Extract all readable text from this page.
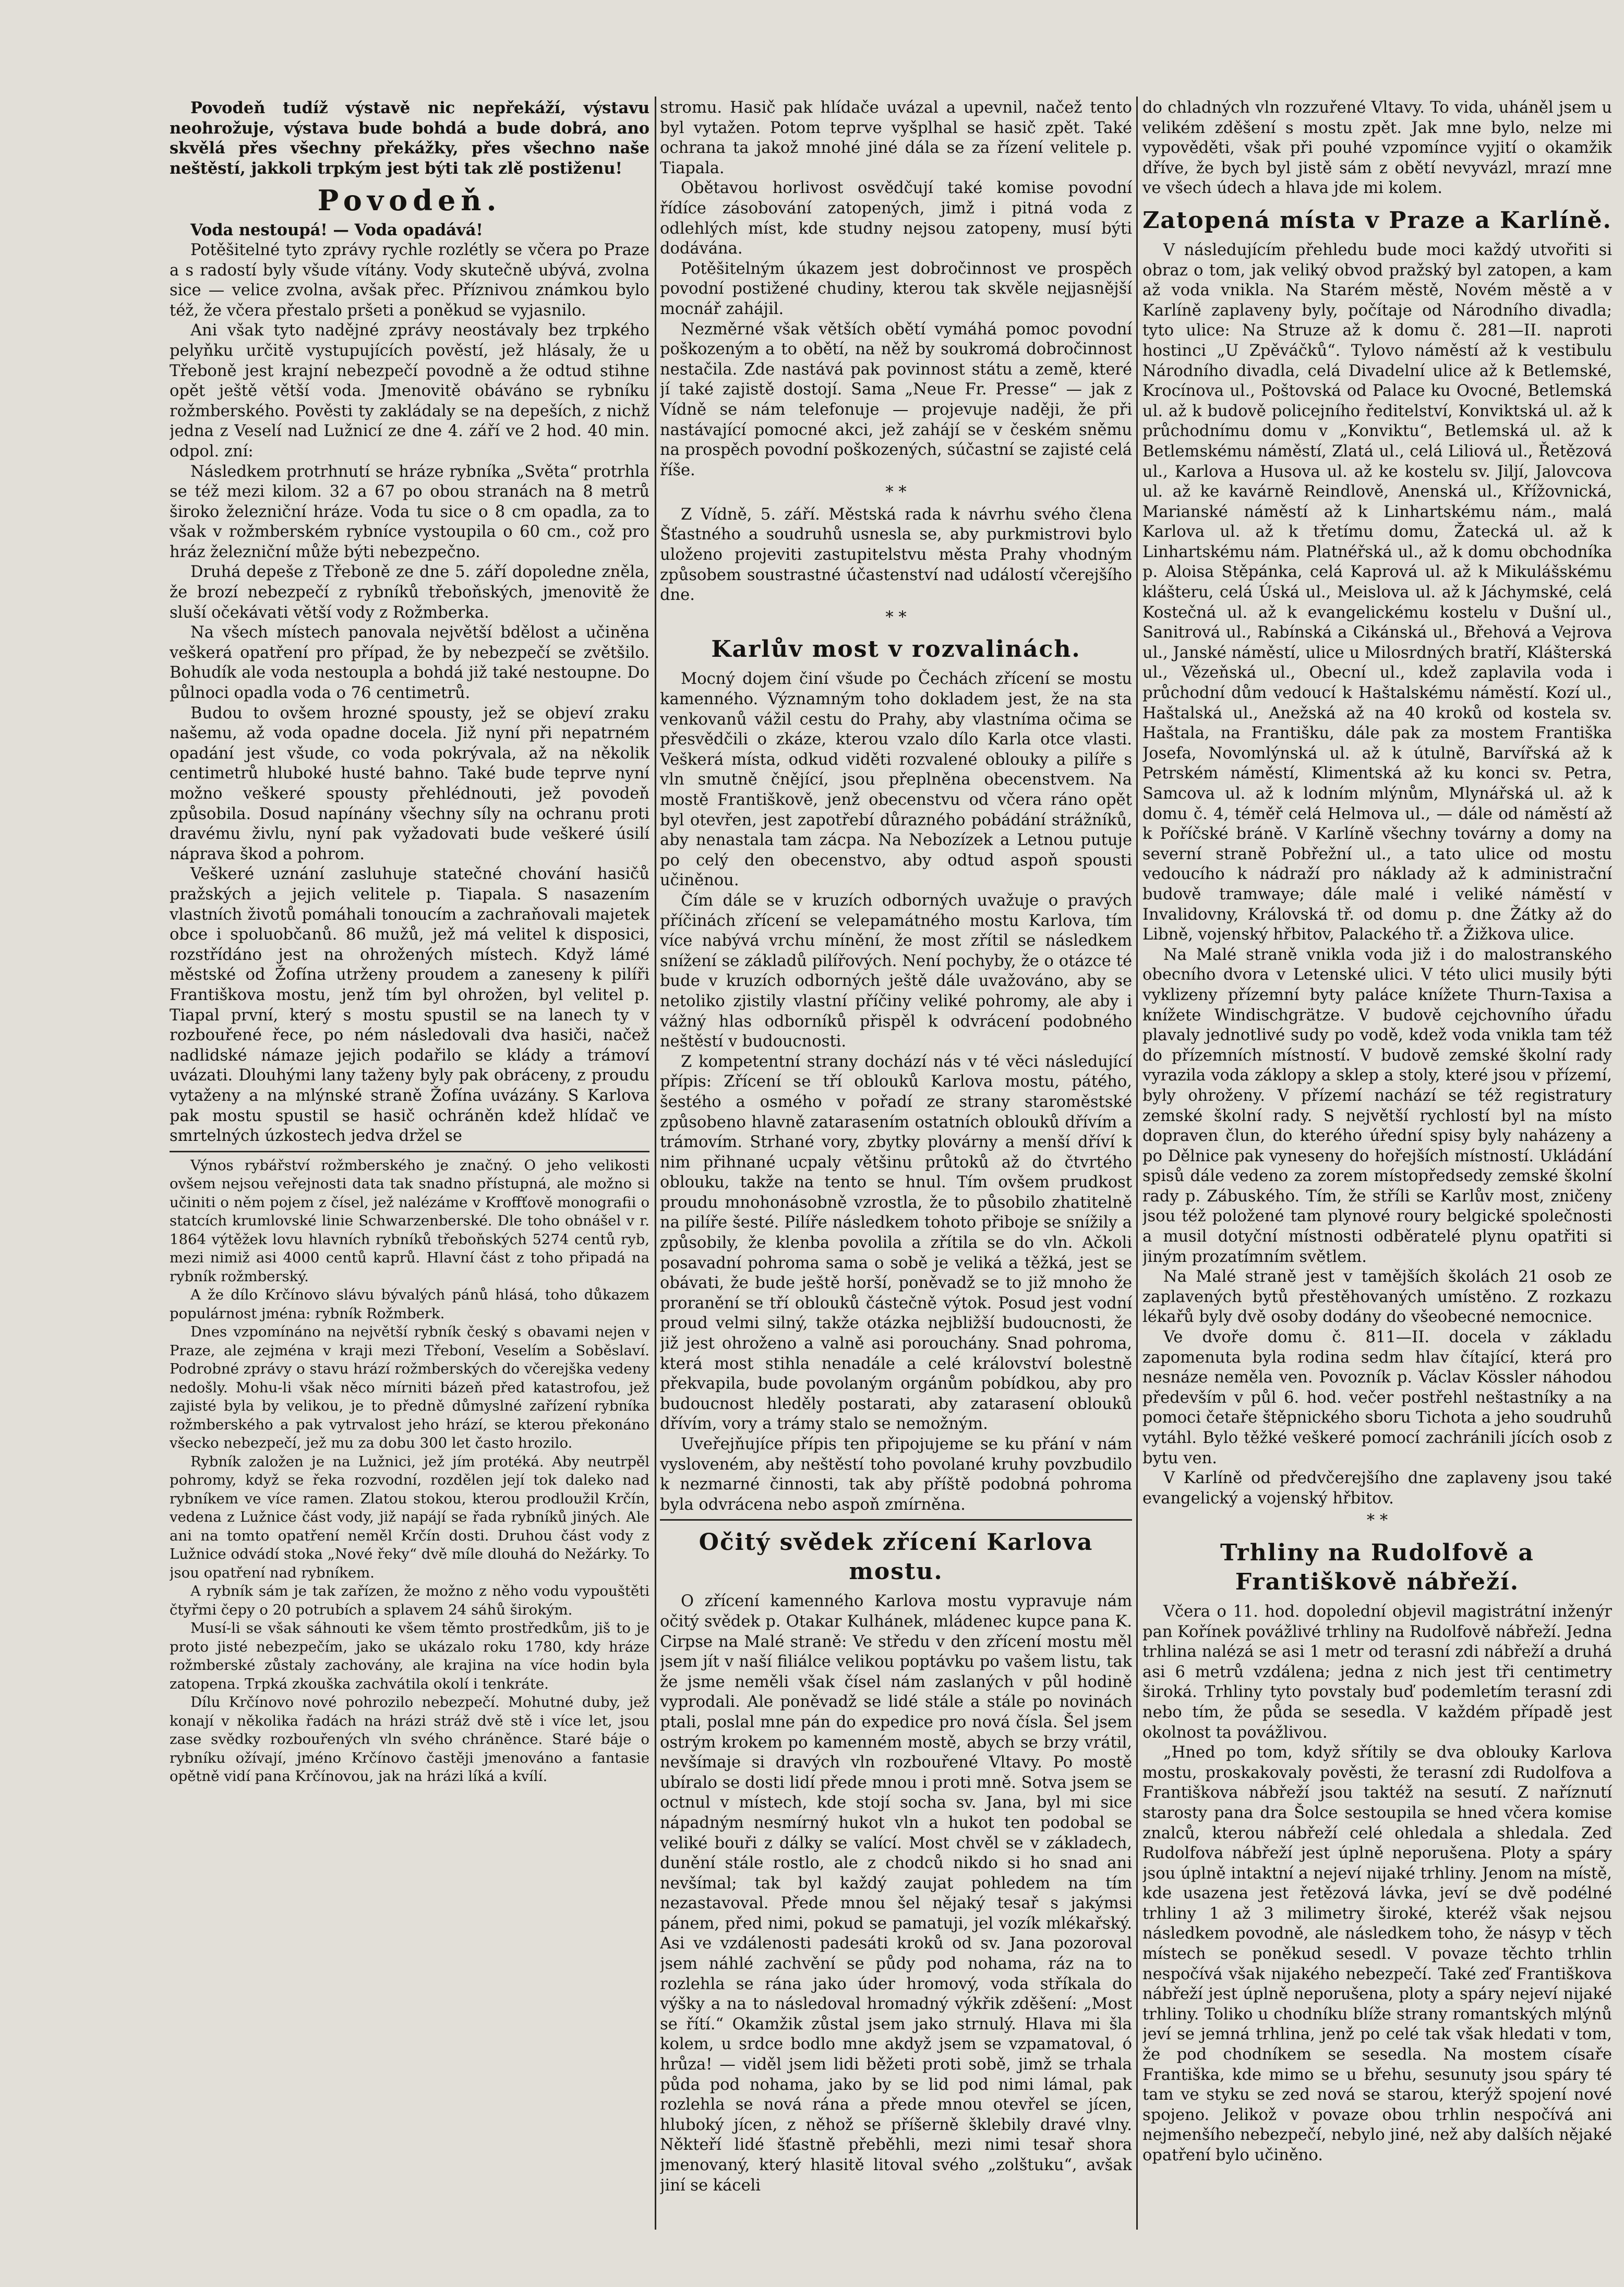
Povodeň tudíž výstavě nic nepřekáží, výstavu neohrožuje, výstava bude bohdá a bude dobrá, ano skvělá přes všechny překážky, přes všechno naše neštěstí, jakkoli trpkým jest býti tak zlě postiženu!

Povodeň.

Voda nestoupá! — Voda opadává!

Potěšitelné tyto zprávy rychle rozlétly se včera po Praze a s radostí byly všude vítány. Vody skutečně ubývá, zvolna sice — velice zvolna, avšak přec. Příznivou známkou bylo též, že včera přestalo pršeti a poněkud se vyjasnilo.

Ani však tyto nadějné zprávy neostávaly bez trpkého pelyňku určitě vystupujících pověstí, jež hlásaly, že u Třeboně jest krajní nebezpečí povodně a že odtud stihne opět ještě větší voda. Jmenovitě obáváno se rybníku rožmberského. Pověsti ty zakládaly se na depeších, z nichž jedna z Veselí nad Lužnicí ze dne 4. září ve 2 hod. 40 min. odpol. zní:

Následkem protrhnutí se hráze rybníka „Světa“ protrhla se též mezi kilom. 32 a 67 po obou stranách na 8 metrů široko železniční hráze. Voda tu sice o 8 cm opadla, za to však v rožmberském rybníce vystoupila o 60 cm., což pro hráz železniční může býti nebezpečno.

Druhá depeše z Třeboně ze dne 5. září dopoledne zněla, že brozí nebezpečí z rybníků třeboňských, jmenovitě že sluší očekávati větší vody z Rožmberka.

Na všech místech panovala největší bdělost a učiněna veškerá opatření pro případ, že by nebezpečí se zvětšilo. Bohudík ale voda nestoupla a bohdá již také nestoupne. Do půlnoci opadla voda o 76 centimetrů.

Budou to ovšem hrozné spousty, jež se objeví zraku našemu, až voda opadne docela. Již nyní při nepatrném opadání jest všude, co voda pokrývala, až na několik centimetrů hluboké husté bahno. Také bude teprve nyní možno veškeré spousty přehlédnouti, jež povodeň způsobila. Dosud napínány všechny síly na ochranu proti dravému živlu, nyní pak vyžadovati bude veškeré úsilí náprava škod a pohrom.

Veškeré uznání zasluhuje statečné chování hasičů pražských a jejich velitele p. Tiapala. S nasazením vlastních životů pomáhali tonoucím a zachraňovali majetek obce i spoluobčanů. 86 mužů, jež má velitel k disposici, rozstřídáno jest na ohrožených místech. Když lámé městské od Žofína utrženy proudem a zaneseny k pilíři Františkova mostu, jenž tím byl ohrožen, byl velitel p. Tiapal první, který s mostu spustil se na lanech ty v rozbouřené řece, po ném následovali dva hasiči, načež nadlidské námaze jejich podařilo se klády a trámoví uvázati. Dlouhými lany taženy byly pak obráceny, z proudu vytaženy a na mlýnské straně Žofína uvázány. S Karlova pak mostu spustil se hasič ochráněn kdež hlídač ve smrtelných úzkostech jedva držel se

Výnos rybářství rožmberského je značný. O jeho velikosti ovšem nejsou veřejnosti data tak snadno přístupná, ale možno si učiniti o něm pojem z čísel, jež nalézáme v Kroffťově monografii o statcích krumlovské linie Schwarzenberské. Dle toho obnášel v r. 1864 výtěžek lovu hlavních rybníků třeboňských 5274 centů ryb, mezi nimiž asi 4000 centů kaprů. Hlavní část z toho připadá na rybník rožmberský.

A že dílo Krčínovo slávu bývalých pánů hlásá, toho důkazem populárnost jména: rybník Rožmberk.

Dnes vzpomínáno na největší rybník český s obavami nejen v Praze, ale zejména v kraji mezi Třeboní, Veselím a Soběslaví. Podrobné zprávy o stavu hrází rožmberských do včerejška vedeny nedošly. Mohu-li však něco mírniti bázeň před katastrofou, jež zajisté byla by velikou, je to předně důmyslné zařízení rybníka rožmberského a pak vytrvalost jeho hrází, se kterou překonáno všecko nebezpečí, jež mu za dobu 300 let často hrozilo.

Rybník založen je na Lužnici, jež jím protéká. Aby neutrpěl pohromy, když se řeka rozvodní, rozdělen její tok daleko nad rybníkem ve více ramen. Zlatou stokou, kterou prodloužil Krčín, vedena z Lužnice část vody, již napájí se řada rybníků jiných. Ale ani na tomto opatření neměl Krčín dosti. Druhou část vody z Lužnice odvádí stoka „Nové řeky“ dvě míle dlouhá do Nežárky. To jsou opatření nad rybníkem.

A rybník sám je tak zařízen, že možno z něho vodu vypouštěti čtyřmi čepy o 20 potrubích a splavem 24 sáhů širokým.

Musí-li se však sáhnouti ke všem těmto prostředkům, jiš to je proto jisté nebezpečím, jako se ukázalo roku 1780, kdy hráze rožmberské zůstaly zachovány, ale krajina na více hodin byla zatopena. Trpká zkouška zachvátila okolí i tenkráte.

Dílu Krčínovo nové pohrozilo nebezpečí. Mohutné duby, jež konají v několika řadách na hrázi stráž dvě stě i více let, jsou zase svědky rozbouřených vln svého chráněnce. Staré báje o rybníku ožívají, jméno Krčínovo častěji jmenováno a fantasie opětně vidí pana Krčínovou, jak na hrázi líká a kvílí.

stromu. Hasič pak hlídače uvázal a upevnil, načež tento byl vytažen. Potom teprve vyšplhal se hasič zpět. Také ochrana ta jakož mnohé jiné dála se za řízení velitele p. Tiapala.

Obětavou horlivost osvědčují také komise povodní řídíce zásobování zatopených, jimž i pitná voda z odlehlých míst, kde studny nejsou zatopeny, musí býti dodávána.

Potěšitelným úkazem jest dobročinnost ve prospěch povodní postižené chudiny, kterou tak skvěle nejjasnější mocnář zahájil.

Nezměrné však větších obětí vymáhá pomoc povodní poškozeným a to obětí, na něž by soukromá dobročinnost nestačila. Zde nastává pak povinnost státu a země, které jí také zajistě dostojí. Sama „Neue Fr. Presse“ — jak z Vídně se nám telefonuje — projevuje naději, že při nastávající pomocné akci, jež zahájí se v českém sněmu na prospěch povodní poškozených, súčastní se zajisté celá říše.

* *

Z Vídně, 5. září. Městská rada k návrhu svého člena Šťastného a soudruhů usnesla se, aby purkmistrovi bylo uloženo projeviti zastupitelstvu města Prahy vhodným způsobem soustrastné účastenství nad událostí včerejšího dne.

* *
Karlův most v rozvalinách.

Mocný dojem činí všude po Čechách zřícení se mostu kamenného. Významným toho dokladem jest, že na sta venkovanů vážil cestu do Prahy, aby vlastníma očima se přesvědčili o zkáze, kterou vzalo dílo Karla otce vlasti. Veškerá místa, odkud viděti rozvalené oblouky a pilíře s vln smutně čnějící, jsou přeplněna obecenstvem. Na mostě Františkově, jenž obecenstvu od včera ráno opět byl otevřen, jest zapotřebí důrazného pobádání strážníků, aby nenastala tam zácpa. Na Nebozízek a Letnou putuje po celý den obecenstvo, aby odtud aspoň spousti učiněnou.

Čím dále se v kruzích odborných uvažuje o pravých příčinách zřícení se velepamátného mostu Karlova, tím více nabývá vrchu mínění, že most zřítil se následkem snížení se základů pilířových. Není pochyby, že o otázce té bude v kruzích odborných ještě dále uvažováno, aby se netoliko zjistily vlastní příčiny veliké pohromy, ale aby i vážný hlas odborníků přispěl k odvrácení podobného neštěstí v budoucnosti.

Z kompetentní strany dochází nás v té věci následující přípis: Zřícení se tří oblouků Karlova mostu, pátého, šestého a osmého v pořadí ze strany staroměstské způsobeno hlavně zatarasením ostatních oblouků dřívím a trámovím. Strhané vory, zbytky plovárny a menší dříví k nim přihnané ucpaly většinu průtoků až do čtvrtého oblouku, takže na tento se hnul. Tím ovšem prudkost proudu mnohonásobně vzrostla, že to působilo zhatitelně na pilíře šesté. Pilíře následkem tohoto přiboje se snížily a způsobily, že klenba povolila a zřítila se do vln. Ačkoli posavadní pohroma sama o sobě je veliká a těžká, jest se obávati, že bude ještě horší, poněvadž se to již mnoho že proranění se tří oblouků částečně výtok. Posud jest vodní proud velmi silný, takže otázka nejbližší budoucnosti, že již jest ohroženo a valně asi porouchány. Snad pohroma, která most stihla nenadále a celé království bolestně překvapila, bude povolaným orgánům pobídkou, aby pro budoucnost hleděly postarati, aby zatarasení oblouků dřívím, vory a trámy stalo se nemožným.

Uveřejňujíce přípis ten připojujeme se ku přání v nám vysloveném, aby neštěstí toho povolané kruhy povzbudilo k nezmarné činnosti, tak aby příště podobná pohroma byla odvrácena nebo aspoň zmírněna.

Očitý svědek zřícení Karlova mostu.

O zřícení kamenného Karlova mostu vypravuje nám očitý svědek p. Otakar Kulhánek, mládenec kupce pana K. Cirpse na Malé straně: Ve středu v den zřícení mostu měl jsem jít v naší filiálce velikou poptávku po vašem listu, tak že jsme neměli však čísel nám zaslaných v půl hodině vyprodali. Ale poněvadž se lidé stále a stále po novinách ptali, poslal mne pán do expedice pro nová čísla. Šel jsem ostrým krokem po kamenném mostě, abych se brzy vrátil, nevšímaje si dravých vln rozbouřené Vltavy. Po mostě ubíralo se dosti lidí přede mnou i proti mně. Sotva jsem se octnul v místech, kde stojí socha sv. Jana, byl mi sice nápadným nesmírný hukot vln a hukot ten podobal se veliké bouři z dálky se valící. Most chvěl se v základech, dunění stále rostlo, ale z chodců nikdo si ho snad ani nevšímal; tak byl každý zaujat pohledem na tím nezastavoval. Přede mnou šel nějaký tesař s jakýmsi pánem, před nimi, pokud se pamatuji, jel vozík mlékařský. Asi ve vzdálenosti padesáti kroků od sv. Jana pozoroval jsem náhlé zachvění se půdy pod nohama, ráz na to rozlehla se rána jako úder hromový, voda stříkala do výšky a na to následoval hromadný výkřik zděšení: „Most se řítí.“ Okamžik zůstal jsem jako strnulý. Hlava mi šla kolem, u srdce bodlo mne akdyž jsem se vzpamatoval, ó hrůza! — viděl jsem lidi běžeti proti sobě, jimž se trhala půda pod nohama, jako by se lid pod nimi lámal, pak rozlehla se nová rána a přede mnou otevřel se jícen, hluboký jícen, z něhož se příšerně šklebily dravé vlny. Někteří lidé šťastně přeběhli, mezi nimi tesař shora jmenovaný, který hlasitě litoval svého „zolštuku“, avšak jiní se káceli

do chladných vln rozzuřené Vltavy. To vida, uháněl jsem u velikém zděšení s mostu zpět. Jak mne bylo, nelze mi vypověděti, však při pouhé vzpomínce vyjití o okamžik dříve, že bych byl jistě sám z obětí nevyvázl, mrazí mne ve všech údech a hlava jde mi kolem.

Zatopená místa v Praze a Karlíně.

V následujícím přehledu bude moci každý utvořiti si obraz o tom, jak veliký obvod pražský byl zatopen, a kam až voda vnikla. Na Starém městě, Novém městě a v Karlíně zaplaveny byly, počítaje od Národního divadla; tyto ulice: Na Struze až k domu č. 281—II. naproti hostinci „U Zpěváčků“. Tylovo náměstí až k vestibulu Národního divadla, celá Divadelní ulice až k Betlemské, Krocínova ul., Poštovská od Palace ku Ovocné, Betlemská ul. až k budově policejního ředitelství, Konviktská ul. až k průchodnímu domu v „Konviktu“, Betlemská ul. až k Betlemskému náměstí, Zlatá ul., celá Liliová ul., Řetězová ul., Karlova a Husova ul. až ke kostelu sv. Jiljí, Jalovcova ul. až ke kavárně Reindlově, Anenská ul., Křížovnická, Marianské náměstí až k Linhartskému nám., malá Karlova ul. až k třetímu domu, Žatecká ul. až k Linhartskému nám. Platnéřská ul., až k domu obchodníka p. Aloisa Stěpánka, celá Kaprová ul. až k Mikulášskému klášteru, celá Úská ul., Meislova ul. až k Jáchymské, celá Kostečná ul. až k evangelickému kostelu v Dušní ul., Sanitrová ul., Rabínská a Cikánská ul., Břehová a Vejrova ul., Janské náměstí, ulice u Milosrdných bratří, Klášterská ul., Vězeňská ul., Obecní ul., kdež zaplavila voda i průchodní dům vedoucí k Haštalskému náměstí. Kozí ul., Haštalská ul., Anežská až na 40 kroků od kostela sv. Haštala, na Františku, dále pak za mostem Františka Josefa, Novomlýnská ul. až k útulně, Barvířská až k Petrském náměstí, Klimentská až ku konci sv. Petra, Samcova ul. až k lodním mlýnům, Mlynářská ul. až k domu č. 4, téměř celá Helmova ul., — dále od náměstí až k Poříčské bráně. V Karlíně všechny továrny a domy na severní straně Pobřežní ul., a tato ulice od mostu vedoucího k nádraží pro náklady až k administrační budově tramwaye; dále malé i veliké náměstí v Invalidovny, Královská tř. od domu p. dne Žátky až do Libně, vojenský hřbitov, Palackého tř. a Žižkova ulice.

Na Malé straně vnikla voda již i do malostranského obecního dvora v Letenské ulici. V této ulici musily býti vyklizeny přízemní byty paláce knížete Thurn-Taxisa a knížete Windischgrätze. V budově cejchovního úřadu plavaly jednotlivé sudy po vodě, kdež voda vnikla tam též do přízemních místností. V budově zemské školní rady vyrazila voda záklopy a sklep a stoly, které jsou v přízemí, byly ohroženy. V přízemí nachází se též registratury zemské školní rady. S největší rychlostí byl na místo dopraven člun, do kterého úřední spisy byly naházeny a po Dělnice pak vyneseny do hořejších místností. Ukládání spisů dále vedeno za zorem místopředsedy zemské školní rady p. Zábuského. Tím, že stříli se Karlův most, zničeny jsou též položené tam plynové roury belgické společnosti a musil dotyční místnosti odběratelé plynu opatřiti si jiným prozatímním světlem.

Na Malé straně jest v tamějších školách 21 osob ze zaplavených bytů přestěhovaných umístěno. Z rozkazu lékařů byly dvě osoby dodány do všeobecné nemocnice.

Ve dvoře domu č. 811—II. docela v základu zapomenuta byla rodina sedm hlav čítající, která pro nesnáze neměla ven. Povozník p. Václav Kössler náhodou především v půl 6. hod. večer postřehl neštastníky a na pomoci četaře štěpnického sboru Tichota a jeho soudruhů vytáhl. Bylo těžké veškeré pomocí zachránili jících osob z bytu ven.

V Karlíně od předvčerejšího dne zaplaveny jsou také evangelický a vojenský hřbitov.

* *
Trhliny na Rudolfově a Františkově nábřeží.

Včera o 11. hod. dopolední objevil magistrátní inženýr pan Kořínek povážlivé trhliny na Rudolfově nábřeží. Jedna trhlina nalézá se asi 1 metr od terasní zdi nábřeží a druhá asi 6 metrů vzdálena; jedna z nich jest tři centimetry široká. Trhliny tyto povstaly buď podemletím terasní zdi nebo tím, že půda se sesedla. V každém případě jest okolnost ta povážlivou.

„Hned po tom, když sřítily se dva oblouky Karlova mostu, proskakovaly pověsti, že terasní zdi Rudolfova a Františkova nábřeží jsou taktéž na sesutí. Z naříznutí starosty pana dra Šolce sestoupila se hned včera komise znalců, kterou nábřeží celé ohledala a shledala. Zeď Rudolfova nábřeží jest úplně neporušena. Ploty a spáry jsou úplně intaktní a nejeví nijaké trhliny. Jenom na místě, kde usazena jest řetězová lávka, jeví se dvě podélné trhliny 1 až 3 milimetry široké, kteréž však nejsou následkem povodně, ale následkem toho, že násyp v těch místech se poněkud sesedl. V povaze těchto trhlin nespočívá však nijakého nebezpečí. Také zeď Františkova nábřeží jest úplně neporušena, ploty a spáry nejeví nijaké trhliny. Toliko u chodníku blíže strany romantských mlýnů jeví se jemná trhlina, jenž po celé tak však hledati v tom, že pod chodníkem se sesedla. Na mostem císaře Františka, kde mimo se u břehu, sesunuty jsou spáry té tam ve styku se zed nová se starou, kterýž spojení nové spojeno. Jelikož v povaze obou trhlin nespočívá ani nejmenšího nebezpečí, nebylo jiné, než aby dalších nějaké opatření bylo učiněno.
